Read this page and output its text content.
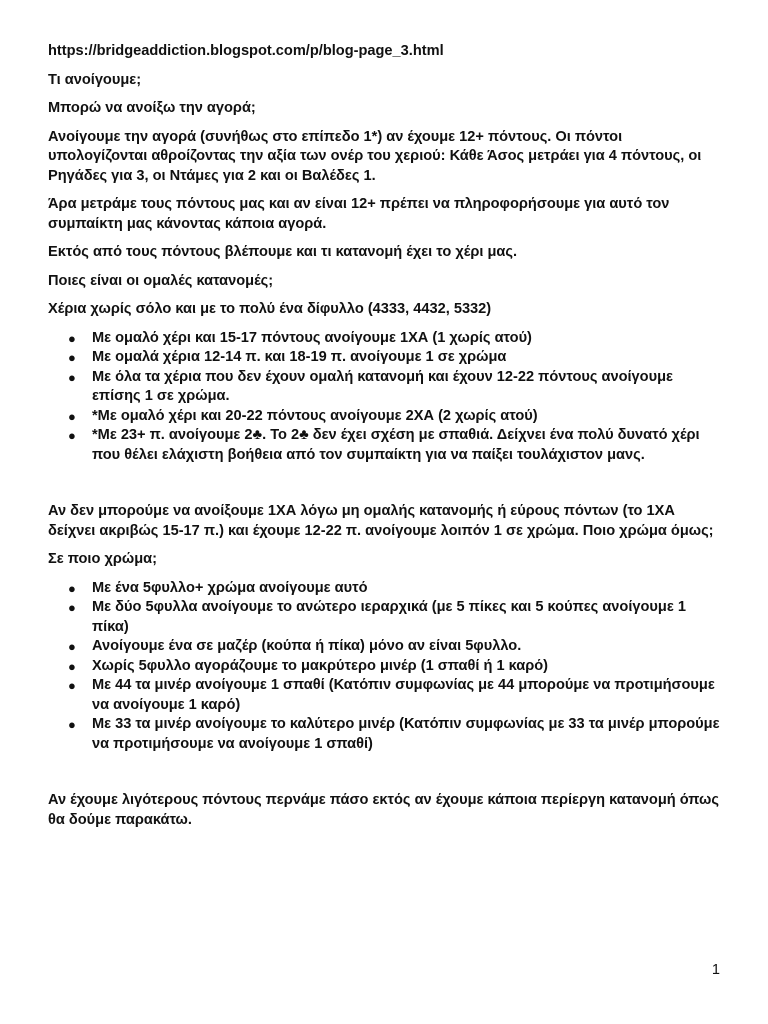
https://bridgeaddiction.blogspot.com/p/blog-page_3.html

Τι ανοίγουμε;

Μπορώ να ανοίξω την αγορά;

Ανοίγουμε την αγορά (συνήθως στο επίπεδο 1*) αν έχουμε 12+ πόντους. Οι πόντοι υπολογίζονται αθροίζοντας την αξία των ονέρ του χεριού: Κάθε Άσος μετράει για 4 πόντους, οι Ρηγάδες για 3, οι Ντάμες για 2 και οι Βαλέδες 1.

Άρα μετράμε τους πόντους μας και αν είναι 12+ πρέπει να πληροφορήσουμε για αυτό τον συμπαίκτη μας κάνοντας κάποια αγορά.

Εκτός από τους πόντους βλέπουμε και τι κατανομή έχει το χέρι μας.

Ποιες είναι οι ομαλές κατανομές;

Χέρια χωρίς σόλο και με το πολύ ένα δίφυλλο (4333, 4432, 5332)

● Με ομαλό χέρι και 15-17 πόντους ανοίγουμε 1ΧΑ (1 χωρίς ατού)
● Με ομαλά χέρια 12-14 π. και 18-19 π. ανοίγουμε 1 σε χρώμα
● Με όλα τα χέρια που δεν έχουν ομαλή κατανομή και έχουν 12-22 πόντους ανοίγουμε επίσης 1 σε χρώμα.
● *Με ομαλό χέρι και 20-22 πόντους ανοίγουμε 2ΧΑ (2 χωρίς ατού)
● *Με 23+ π. ανοίγουμε 2♣. Το 2♣ δεν έχει σχέση με σπαθιά. Δείχνει ένα πολύ δυνατό χέρι που θέλει ελάχιστη βοήθεια από τον συμπαίκτη για να παίξει τουλάχιστον μανς.

Αν δεν μπορούμε να ανοίξουμε 1ΧΑ λόγω μη ομαλής κατανομής ή εύρους πόντων (το 1ΧΑ δείχνει ακριβώς 15-17 π.) και έχουμε 12-22 π. ανοίγουμε λοιπόν 1 σε χρώμα. Ποιο χρώμα όμως;

Σε ποιο χρώμα;

● Με ένα 5φυλλο+ χρώμα ανοίγουμε αυτό
● Με δύο 5φυλλα ανοίγουμε το ανώτερο ιεραρχικά (με 5 πίκες και 5 κούπες ανοίγουμε 1 πίκα)
● Ανοίγουμε ένα σε μαζέρ (κούπα ή πίκα) μόνο αν είναι 5φυλλο.
● Χωρίς 5φυλλο αγοράζουμε το μακρύτερο μινέρ (1 σπαθί ή 1 καρό)
● Με 44 τα μινέρ ανοίγουμε 1 σπαθί (Κατόπιν συμφωνίας με 44 μπορούμε να προτιμήσουμε να ανοίγουμε 1 καρό)
● Με 33 τα μινέρ ανοίγουμε το καλύτερο μινέρ (Κατόπιν συμφωνίας με 33 τα μινέρ μπορούμε να προτιμήσουμε να ανοίγουμε 1 σπαθί)

Αν έχουμε λιγότερους πόντους περνάμε πάσο εκτός αν έχουμε κάποια περίεργη κατανομή όπως θα δούμε παρακάτω.

1
